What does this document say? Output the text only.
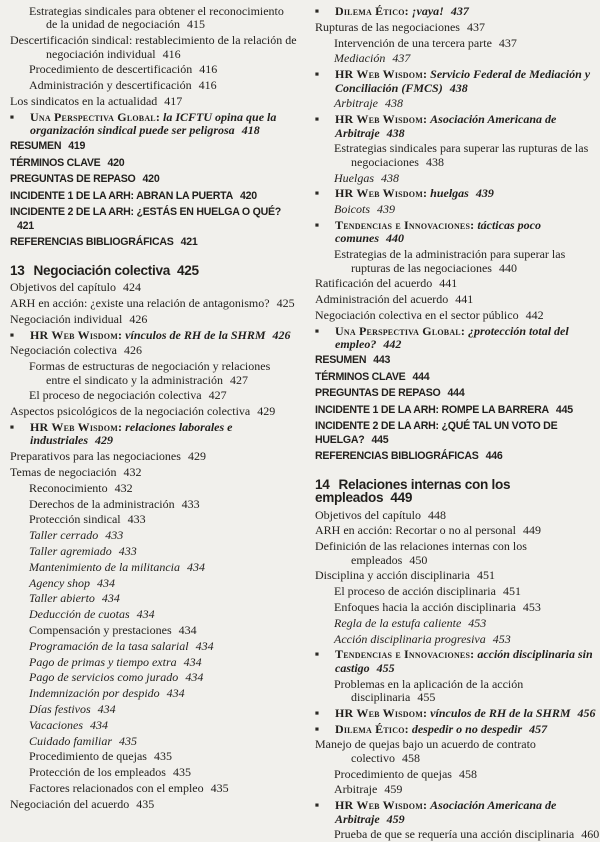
Estrategias sindicales para obtener el reconocimiento de la unidad de negociación 415
Descertificación sindical: restablecimiento de la relación de negociación individual 416
Procedimiento de descertificación 416
Administración y descertificación 416
Los sindicatos en la actualidad 417
■ Una Perspectiva Global: la ICFTU opina que la organización sindical puede ser peligrosa 418
RESUMEN 419
TÉRMINOS CLAVE 420
PREGUNTAS DE REPASO 420
INCIDENTE 1 DE LA ARH: ABRAN LA PUERTA 420
INCIDENTE 2 DE LA ARH: ¿ESTÁS EN HUELGA O QUÉ?421
REFERENCIAS BIBLIOGRÁFICAS 421
13 Negociación colectiva 425
Objetivos del capítulo 424
ARH en acción: ¿existe una relación de antagonismo? 425
Negociación individual 426
■ HR Web Wisdom: vínculos de RH de la SHRM 426
Negociación colectiva 426
Formas de estructuras de negociación y relaciones entre el sindicato y la administración 427
El proceso de negociación colectiva 427
Aspectos psicológicos de la negociación colectiva 429
■ HR Web Wisdom: relaciones laborales e industriales 429
Preparativos para las negociaciones 429
Temas de negociación 432
Reconocimiento 432
Derechos de la administración 433
Protección sindical 433
Taller cerrado 433
Taller agremiado 433
Mantenimiento de la militancia 434
Agency shop 434
Taller abierto 434
Deducción de cuotas 434
Compensación y prestaciones 434
Programación de la tasa salarial 434
Pago de primas y tiempo extra 434
Pago de servicios como jurado 434
Indemnización por despido 434
Días festivos 434
Vacaciones 434
Cuidado familiar 435
Procedimiento de quejas 435
Protección de los empleados 435
Factores relacionados con el empleo 435
Negociación del acuerdo 435
■ Dilema Ético: ¡vaya! 437
Rupturas de las negociaciones 437
Intervención de una tercera parte 437
Mediación 437
■ HR Web Wisdom: Servicio Federal de Mediación y Conciliación (FMCS) 438
Arbitraje 438
■ HR Web Wisdom: Asociación Americana de Arbitraje 438
Estrategias sindicales para superar las rupturas de las negociaciones 438
Huelgas 438
■ HR Web Wisdom: huelgas 439
Boicots 439
■ Tendencias e Innovaciones: tácticas poco comunes 440
Estrategias de la administración para superar las rupturas de las negociaciones 440
Ratificación del acuerdo 441
Administración del acuerdo 441
Negociación colectiva en el sector público 442
■ Una Perspectiva Global: ¿protección total del empleo? 442
RESUMEN 443
TÉRMINOS CLAVE 444
PREGUNTAS DE REPASO 444
INCIDENTE 1 DE LA ARH: ROMPE LA BARRERA 445
INCIDENTE 2 DE LA ARH: ¿QUÉ TAL UN VOTO DE HUELGA? 445
REFERENCIAS BIBLIOGRÁFICAS 446
14 Relaciones internas con los empleados 449
Objetivos del capítulo 448
ARH en acción: Recortar o no al personal 449
Definición de las relaciones internas con los empleados 450
Disciplina y acción disciplinaria 451
El proceso de acción disciplinaria 451
Enfoques hacia la acción disciplinaria 453
Regla de la estufa caliente 453
Acción disciplinaria progresiva 453
■ Tendencias e Innovaciones: acción disciplinaria sin castigo 455
Problemas en la aplicación de la acción disciplinaria 455
■ HR Web Wisdom: vínculos de RH de la SHRM 456
■ Dilema Ético: despedir o no despedir 457
Manejo de quejas bajo un acuerdo de contrato colectivo 458
Procedimiento de quejas 458
Arbitraje 459
■ HR Web Wisdom: Asociación Americana de Arbitraje 459
Prueba de que se requería una acción disciplinaria 460
